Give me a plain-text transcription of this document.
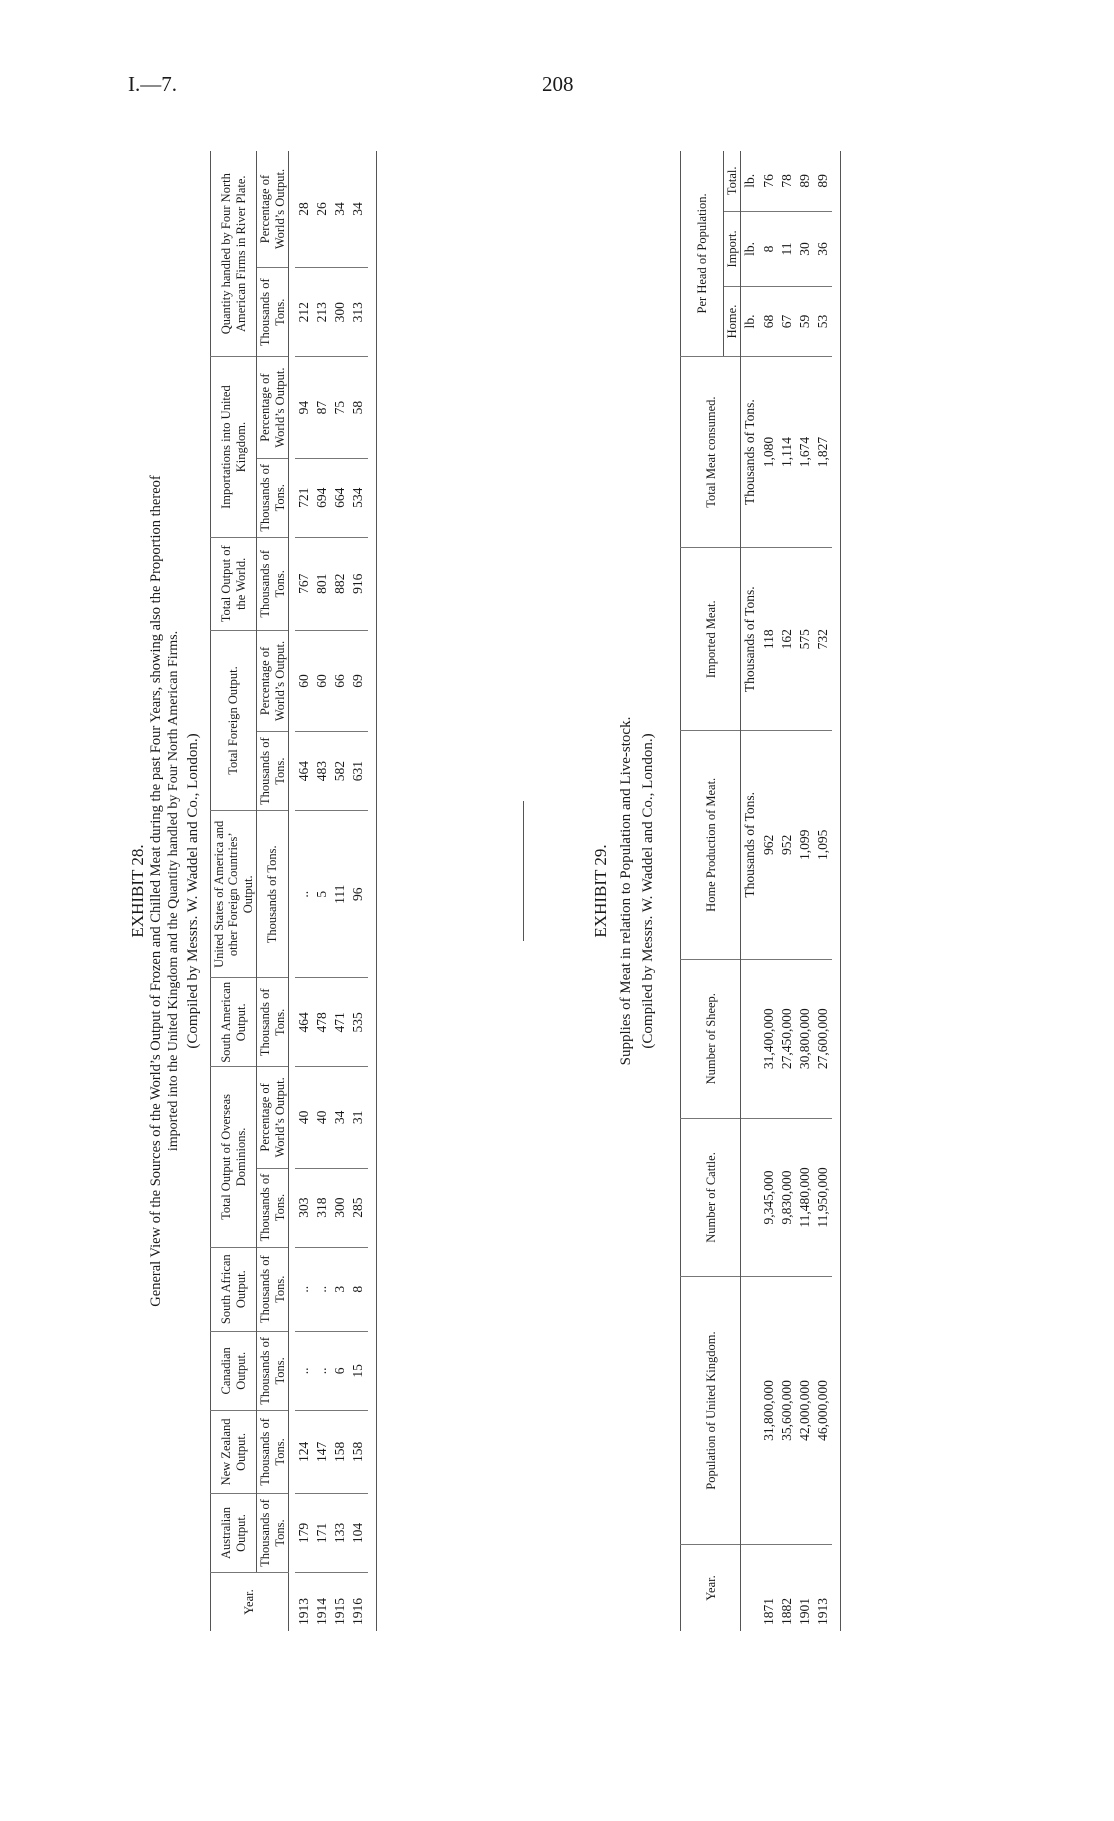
I.—7.	208
EXHIBIT 28. General View of the Sources of the World’s Output of Frozen and Chilled Meat during the past Four Years, showing also the Proportion thereof imported into the United Kingdom and the Quantity handled by Four North American Firms. (Compiled by Messrs. W. Waddel and Co., London.)
Year.	Australian Output.	New Zealand Output.	Canadian Output.	South African Output.	Total Output of Overseas Dominions.		South American Output.	United States of America and other Foreign Countries’ Output.	Total Foreign Output.		Total Output of the World.	Importations into United Kingdom.		Quantity handled by Four North American Firms in River Plate.	
	Thousands of Tons.	Thousands of Tons.	Thousands of Tons.	Thousands of Tons.	Thousands of Tons.	Percentage of World’s Output.	Thousands of Tons.	Thousands of Tons.	Thousands of Tons.	Percentage of World’s Output.	Thousands of Tons.	Thousands of Tons.	Percentage of World’s Output.	Thousands of Tons.	Percentage of World’s Output.

1913	179	124	..	..	303	40	464	..	464	60	767	721	94	212	28
1914	171	147	..	..	318	40	478	5	483	60	801	694	87	213	26
1915	133	158	6	3	300	34	471	111	582	66	882	664	75	300	34
1916	104	158	15	8	285	31	535	96	631	69	916	534	58	313	34

EXHIBIT 29. Supplies of Meat in relation to Population and Live-stock. (Compiled by Messrs. W. Waddel and Co., London.)
Year.	Population of United Kingdom.	Number of Cattle.	Number of Sheep.	Home Production of Meat.	Imported Meat.	Total Meat consumed.	Per Head of Population.		
							Home.	Import.	Total.
				Thousands of Tons.	Thousands of Tons.	Thousands of Tons.	lb.	lb.	lb.
1871	31,800,000	9,345,000	31,400,000	962	118	1,080	68	8	76
1882	35,600,000	9,830,000	27,450,000	952	162	1,114	67	11	78
1901	42,000,000	11,480,000	30,800,000	1,099	575	1,674	59	30	89
1913	46,000,000	11,950,000	27,600,000	1,095	732	1,827	53	36	89
